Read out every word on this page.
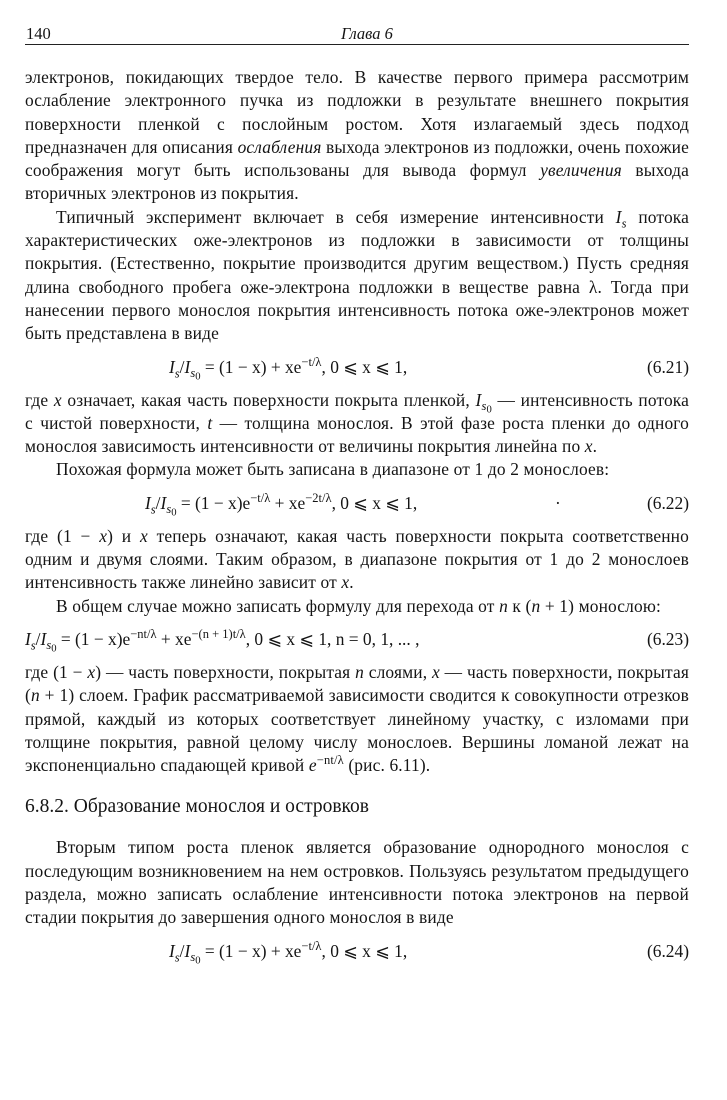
140	Глава 6

электронов, покидающих твердое тело. В качестве первого примера рассмотрим ослабление электронного пучка из подложки в результате внешнего покрытия поверхности пленкой с послойным ростом. Хотя излагаемый здесь подход предназначен для описания ослабления выхода электронов из подложки, очень похожие соображения могут быть использованы для вывода формул увеличения выхода вторичных электронов из покрытия.

Типичный эксперимент включает в себя измерение интенсивности $I_s$ потока характеристических оже-электронов из подложки в зависимости от толщины покрытия. (Естественно, покрытие производится другим веществом.) Пусть средняя длина свободного пробега оже-электрона подложки в веществе равна λ. Тогда при нанесении первого монослоя покрытия интенсивность потока оже-электронов может быть представлена в виде

$I_s/I_{s_0} = (1 - x) + xe^{-t/\lambda}$, 0 ⩽ x ⩽ 1,	(6.21)

где x означает, какая часть поверхности покрыта пленкой, $I_{s_0}$ — интенсивность потока с чистой поверхности, t — толщина монослоя. В этой фазе роста пленки до одного монослоя зависимость интенсивности от величины покрытия линейна по x.

Похожая формула может быть записана в диапазоне от 1 до 2 монослоев:

$I_s/I_{s_0} = (1 - x)e^{-t/\lambda} + xe^{-2t/\lambda}$, 0 ⩽ x ⩽ 1,	·	(6.22)

где (1 − x) и x теперь означают, какая часть поверхности покрыта соответственно одним и двумя слоями. Таким образом, в диапазоне покрытия от 1 до 2 монослоев интенсивность также линейно зависит от x.

В общем случае можно записать формулу для перехода от n к (n + 1) монослою:

$I_s/I_{s_0} = (1 - x)e^{-nt/\lambda} + xe^{-(n + 1)t/\lambda}$, 0 ⩽ x ⩽ 1, n = 0, 1, ... ,	(6.23)

где (1 − x) — часть поверхности, покрытая n слоями, x — часть поверхности, покрытая (n + 1) слоем. График рассматриваемой зависимости сводится к совокупности отрезков прямой, каждый из которых соответствует линейному участку, с изломами при толщине покрытия, равной целому числу монослоев. Вершины ломаной лежат на экспоненциально спадающей кривой $e^{-nt/\lambda}$ (рис. 6.11).

6.8.2. Образование монослоя и островков

Вторым типом роста пленок является образование однородного монослоя с последующим возникновением на нем островков. Пользуясь результатом предыдущего раздела, можно записать ослабление интенсивности потока электронов на первой стадии покрытия до завершения одного монослоя в виде

$I_s/I_{s_0} = (1 - x) + xe^{-t/\lambda}$, 0 ⩽ x ⩽ 1,	(6.24)
